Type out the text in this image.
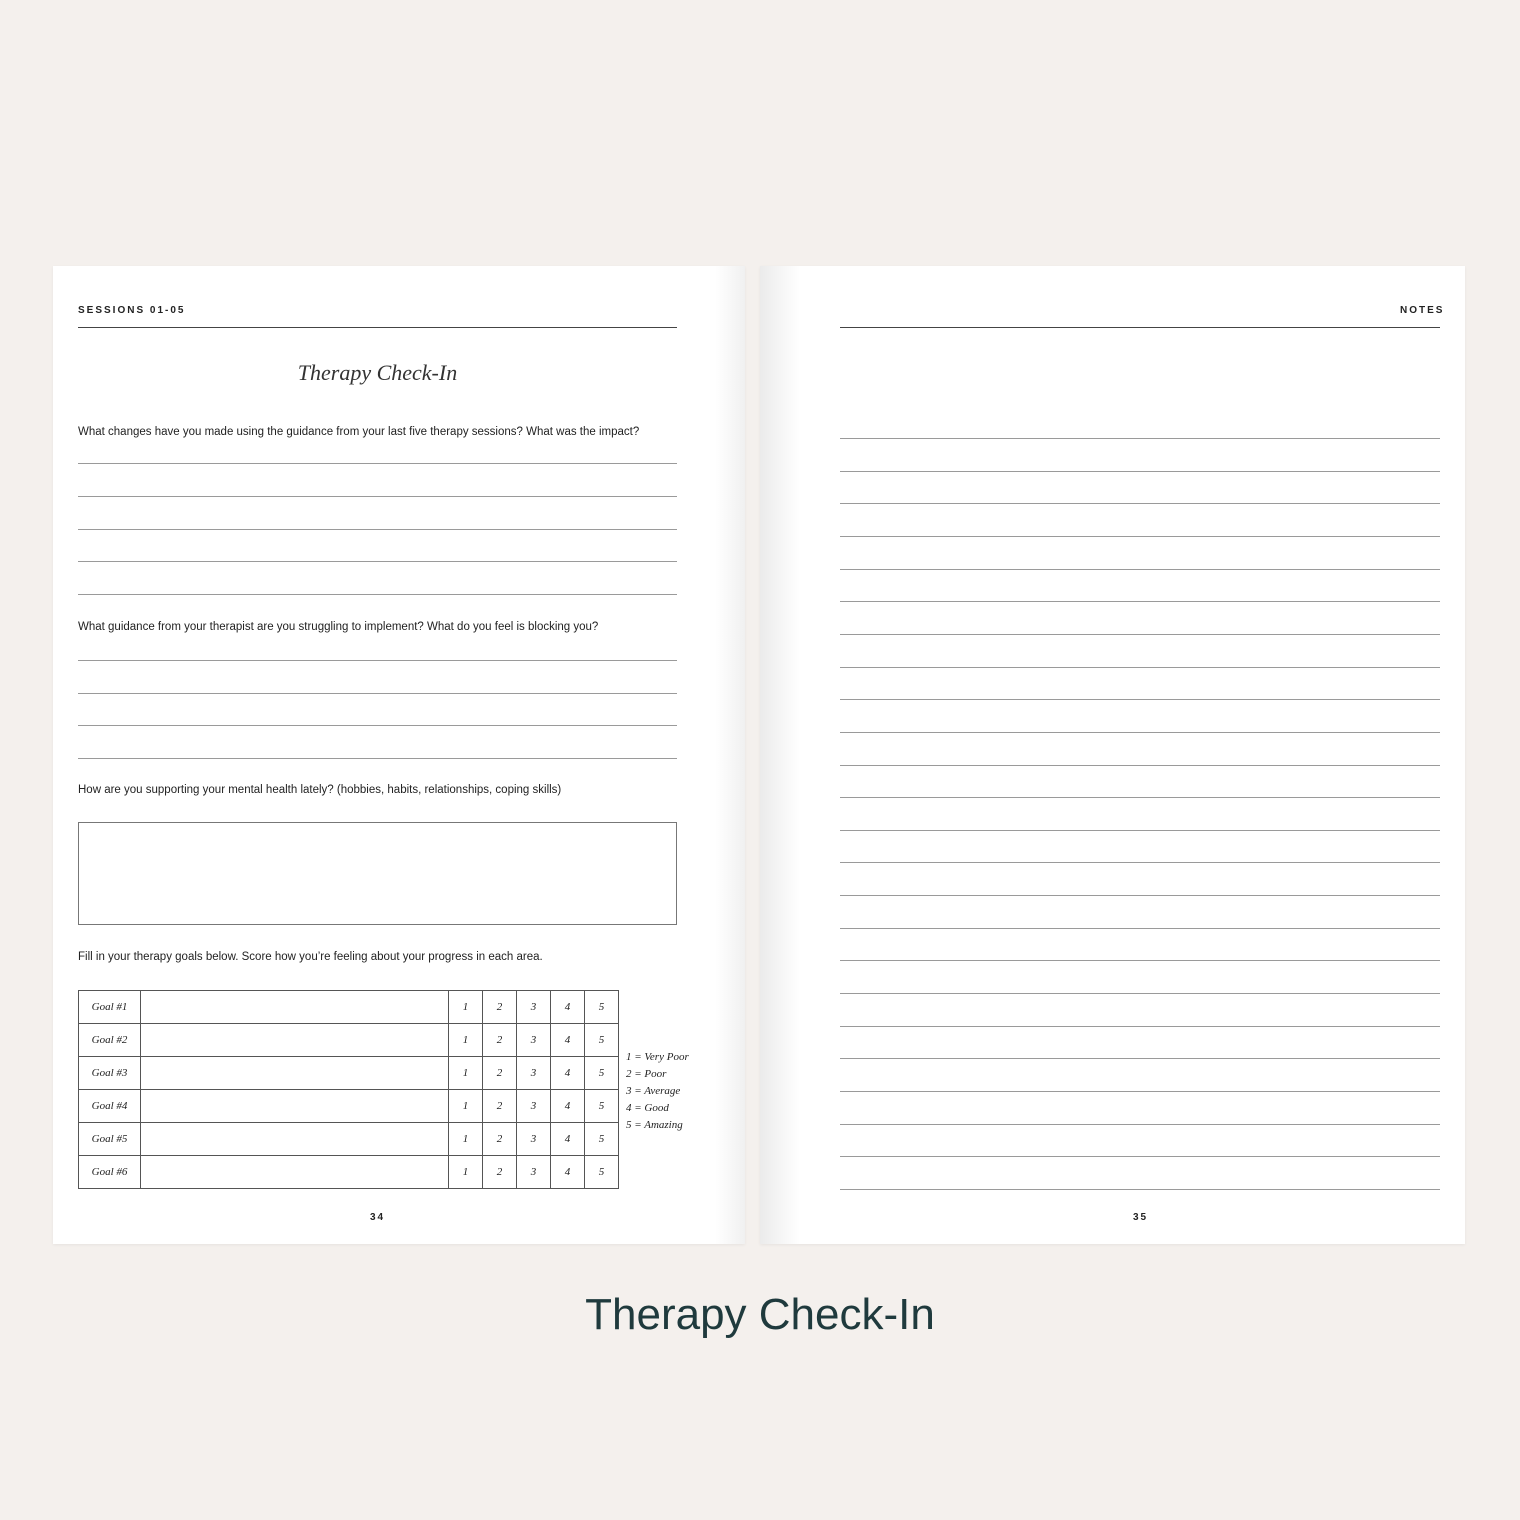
SESSIONS 01-05
Therapy Check-In
What changes have you made using the guidance from your last five therapy sessions? What was the impact?
What guidance from your therapist are you struggling to implement? What do you feel is blocking you?
How are you supporting your mental health lately? (hobbies, habits, relationships, coping skills)
Fill in your therapy goals below. Score how you’re feeling about your progress in each area.
Goal #1		1	2	3	4	5
Goal #2		1	2	3	4	5
Goal #3		1	2	3	4	5
Goal #4		1	2	3	4	5
Goal #5		1	2	3	4	5
Goal #6		1	2	3	4	5
1 = Very Poor
2 = Poor
3 = Average
4 = Good
5 = Amazing
34
NOTES
35
Therapy Check-In
